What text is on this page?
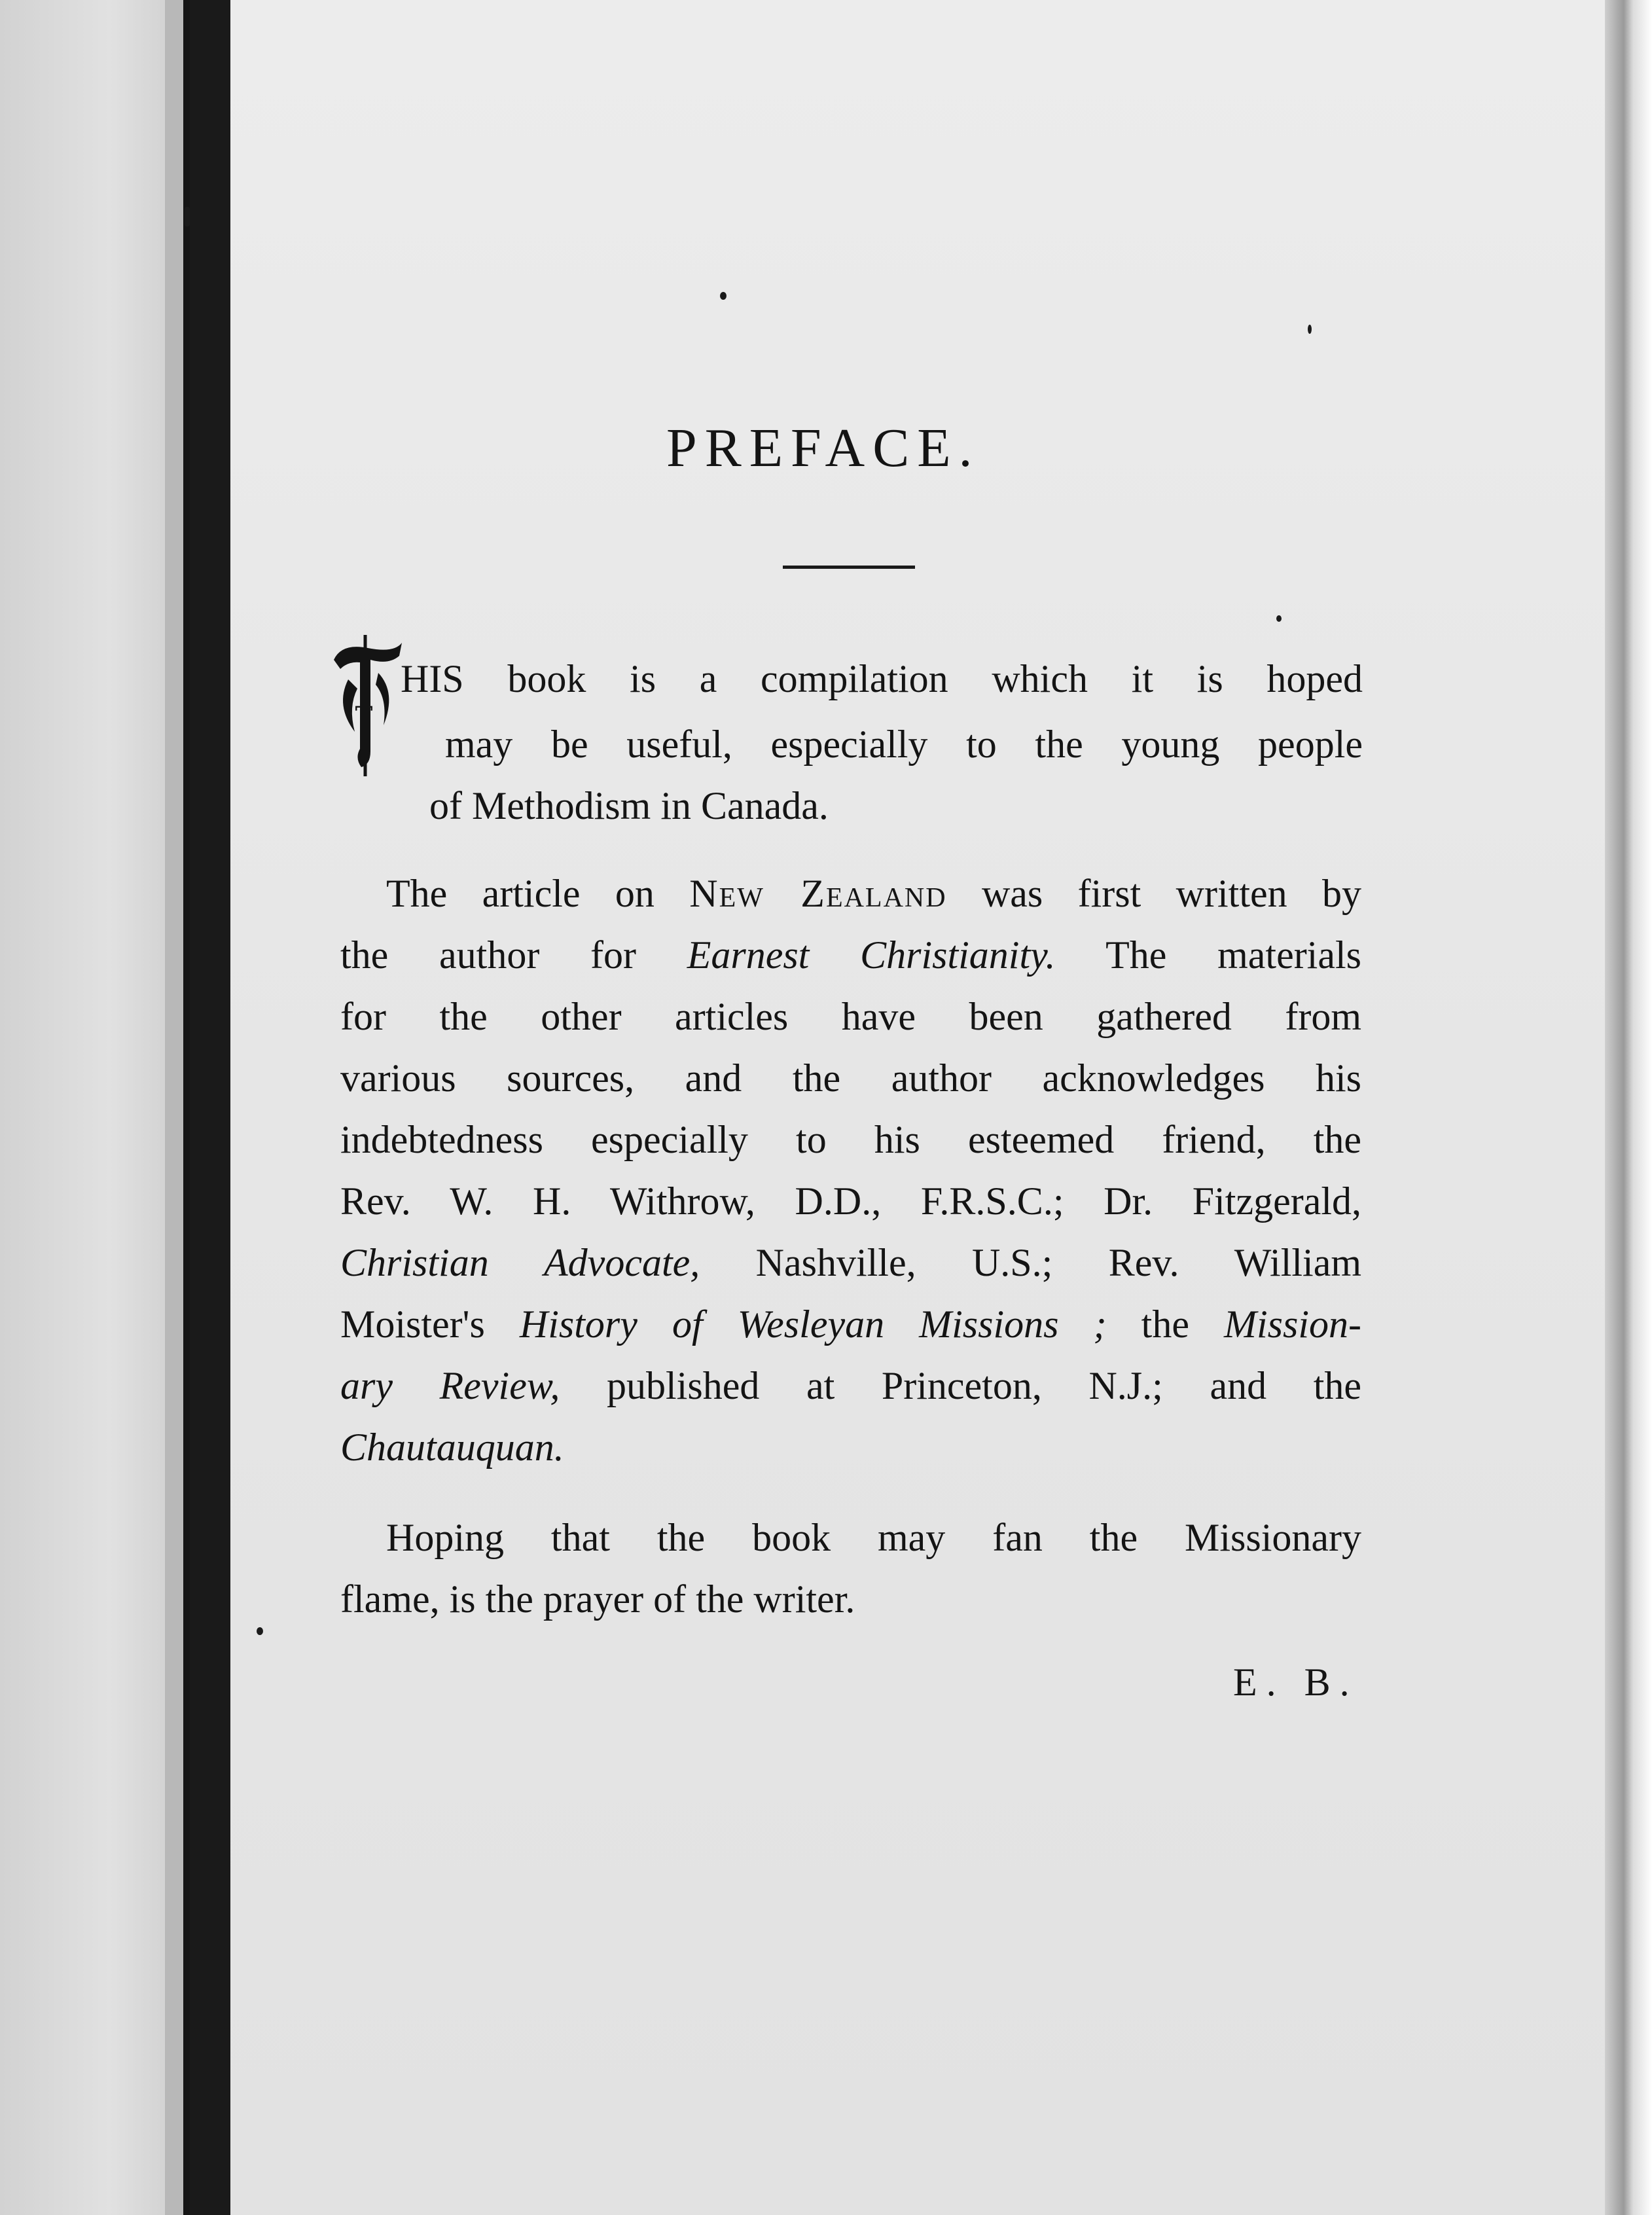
PREFACE.
T
HIS book is a compilation which it is hoped
may be useful, especially to the young people
of Methodism in Canada.
The article on New Zealand was first written by
the author for Earnest Christianity. The materials
for the other articles have been gathered from
various sources, and the author acknowledges his
indebtedness especially to his esteemed friend, the
Rev. W. H. Withrow, D.D., F.R.S.C.; Dr. Fitzgerald,
Christian Advocate, Nashville, U.S.; Rev. William
Moister's History of Wesleyan Missions ; the Mission-
ary Review, published at Princeton, N.J.; and the
Chautauquan.
Hoping that the book may fan the Missionary
flame, is the prayer of the writer.
E. B.
